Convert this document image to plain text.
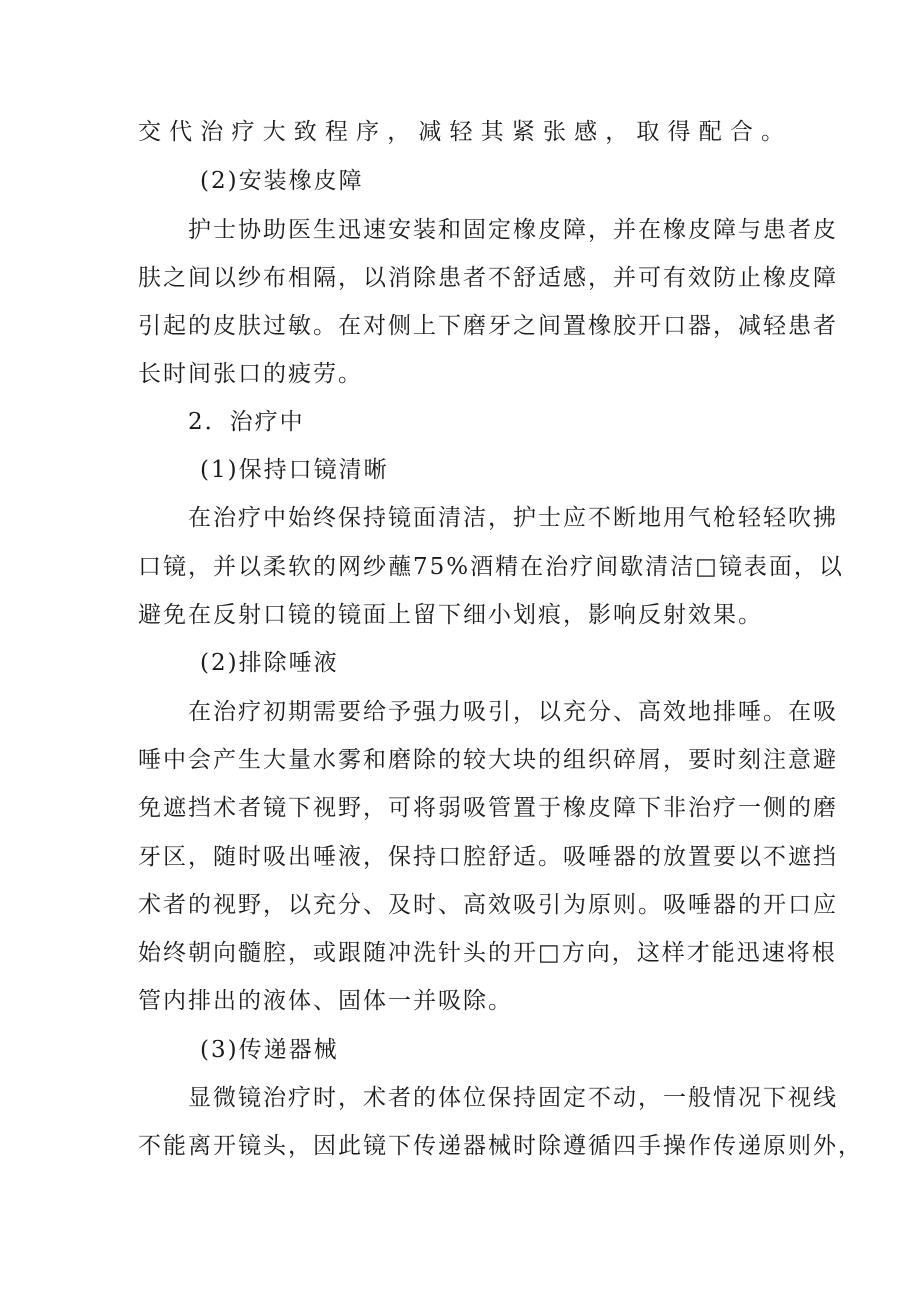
交代治疗大致程序，减轻其紧张感，取得配合。
(2)安装橡皮障
护士协助医生迅速安装和固定橡皮障，并在橡皮障与患者皮
肤之间以纱布相隔，以消除患者不舒适感，并可有效防止橡皮障
引起的皮肤过敏。在对侧上下磨牙之间置橡胶开口器，减轻患者
长时间张口的疲劳。
2．治疗中
(1)保持口镜清晰
在治疗中始终保持镜面清洁，护士应不断地用气枪轻轻吹拂
口镜，并以柔软的网纱蘸75%酒精在治疗间歇清洁□镜表面，以
避免在反射口镜的镜面上留下细小划痕，影响反射效果。
(2)排除唾液
在治疗初期需要给予强力吸引，以充分、高效地排唾。在吸
唾中会产生大量水雾和磨除的较大块的组织碎屑，要时刻注意避
免遮挡术者镜下视野，可将弱吸管置于橡皮障下非治疗一侧的磨
牙区，随时吸出唾液，保持口腔舒适。吸唾器的放置要以不遮挡
术者的视野，以充分、及时、高效吸引为原则。吸唾器的开口应
始终朝向髓腔，或跟随冲洗针头的开□方向，这样才能迅速将根
管内排出的液体、固体一并吸除。
(3)传递器械
显微镜治疗时，术者的体位保持固定不动，一般情况下视线
不能离开镜头，因此镜下传递器械时除遵循四手操作传递原则外，
